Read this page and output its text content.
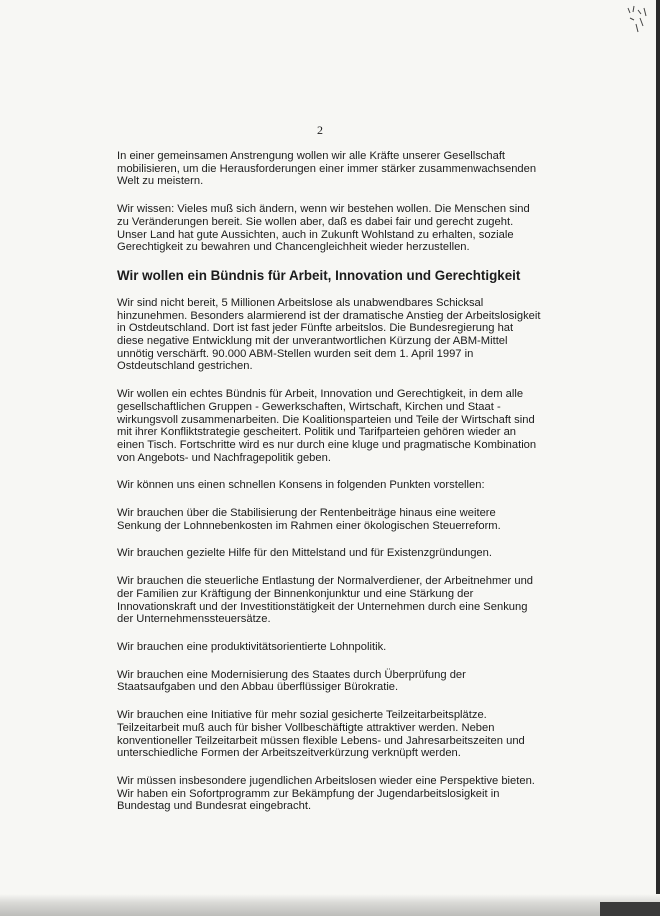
2

In einer gemeinsamen Anstrengung wollen wir alle Kräfte unserer Gesellschaft mobilisieren, um die Herausforderungen einer immer stärker zusammenwachsenden Welt zu meistern.

Wir wissen: Vieles muß sich ändern, wenn wir bestehen wollen. Die Menschen sind zu Veränderungen bereit. Sie wollen aber, daß es dabei fair und gerecht zugeht. Unser Land hat gute Aussichten, auch in Zukunft Wohlstand zu erhalten, soziale Gerechtigkeit zu bewahren und Chancengleichheit wieder herzustellen.

Wir wollen ein Bündnis für Arbeit, Innovation und Gerechtigkeit

Wir sind nicht bereit, 5 Millionen Arbeitslose als unabwendbares Schicksal hinzunehmen. Besonders alarmierend ist der dramatische Anstieg der Arbeitslosigkeit in Ostdeutschland. Dort ist fast jeder Fünfte arbeitslos. Die Bundesregierung hat diese negative Entwicklung mit der unverantwortlichen Kürzung der ABM-Mittel unnötig verschärft. 90.000 ABM-Stellen wurden seit dem 1. April 1997 in Ostdeutschland gestrichen.

Wir wollen ein echtes Bündnis für Arbeit, Innovation und Gerechtigkeit, in dem alle gesellschaftlichen Gruppen - Gewerkschaften, Wirtschaft, Kirchen und Staat - wirkungsvoll zusammenarbeiten. Die Koalitionsparteien und Teile der Wirtschaft sind mit ihrer Konfliktstrategie gescheitert. Politik und Tarifparteien gehören wieder an einen Tisch. Fortschritte wird es nur durch eine kluge und pragmatische Kombination von Angebots- und Nachfragepolitik geben.

Wir können uns einen schnellen Konsens in folgenden Punkten vorstellen:

Wir brauchen über die Stabilisierung der Rentenbeiträge hinaus eine weitere Senkung der Lohnnebenkosten im Rahmen einer ökologischen Steuerreform.

Wir brauchen gezielte Hilfe für den Mittelstand und für Existenzgründungen.

Wir brauchen die steuerliche Entlastung der Normalverdiener, der Arbeitnehmer und der Familien zur Kräftigung der Binnenkonjunktur und eine Stärkung der Innovationskraft und der Investitionstätigkeit der Unternehmen durch eine Senkung der Unternehmenssteuersätze.

Wir brauchen eine produktivitätsorientierte Lohnpolitik.

Wir brauchen eine Modernisierung des Staates durch Überprüfung der Staatsaufgaben und den Abbau überflüssiger Bürokratie.

Wir brauchen eine Initiative für mehr sozial gesicherte Teilzeitarbeitsplätze. Teilzeitarbeit muß auch für bisher Vollbeschäftigte attraktiver werden. Neben konventioneller Teilzeitarbeit müssen flexible Lebens- und Jahresarbeitszeiten und unterschiedliche Formen der Arbeitszeitverkürzung verknüpft werden.

Wir müssen insbesondere jugendlichen Arbeitslosen wieder eine Perspektive bieten. Wir haben ein Sofortprogramm zur Bekämpfung der Jugendarbeitslosigkeit in Bundestag und Bundesrat eingebracht.
